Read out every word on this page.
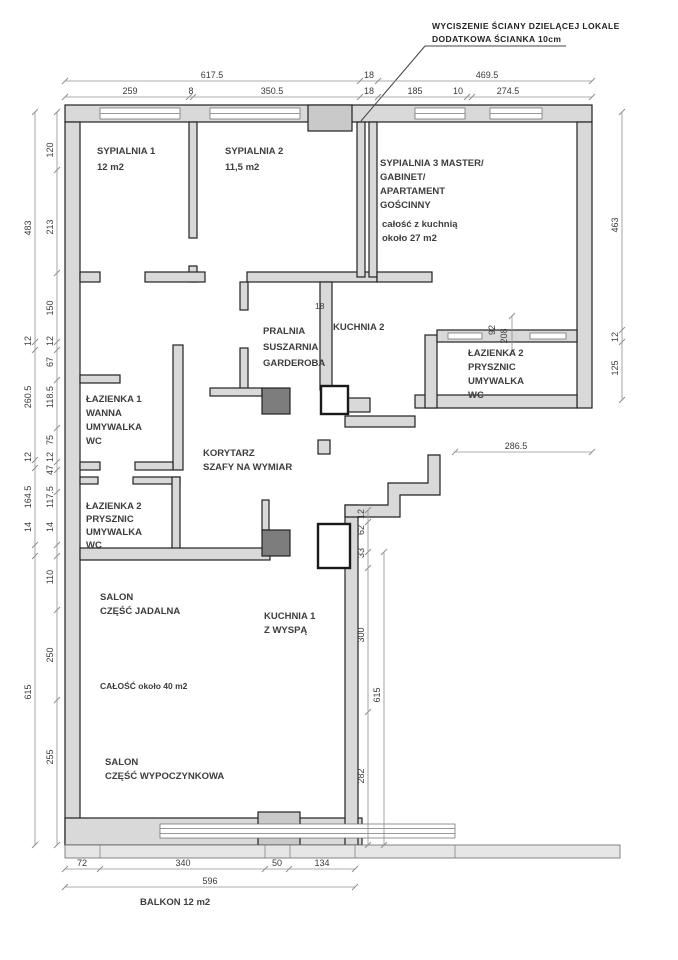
617.5	18	469.5
259	8	350.5	18	185	10	274.5
483
12
260.5
12
164.5
14
615
120
213
150
12
67
118.5
75
12
47
117.5
14
110
250
255
463
12
125
92 208
286.5
12
62
33
300
282
615
72	340	50	134
596
WYCISZENIE ŚCIANY DZIELĄCEJ LOKALE
DODATKOWA ŚCIANKA 10cm
SYPIALNIA 1
12 m2
SYPIALNIA 2
11,5 m2	SYPIALNIA 3 MASTER/
GABINET/
APARTAMENT
GOŚCINNY
całość z kuchnią
około 27 m2
PRALNIA
SUSZARNIA
GARDEROBA
KUCHNIA 2
ŁAZIENKA 2
PRYSZNIC
UMYWALKA
WC
ŁAZIENKA 1
WANNA
UMYWALKA
WC
KORYTARZ
SZAFY NA WYMIAR
ŁAZIENKA 2
PRYSZNIC
UMYWALKA
WC
SALON
CZĘŚĆ JADALNA	KUCHNIA 1
Z WYSPĄ
CAŁOŚĆ około 40 m2
SALON
CZĘŚĆ WYPOCZYNKOWA
BALKON 12 m2
18
